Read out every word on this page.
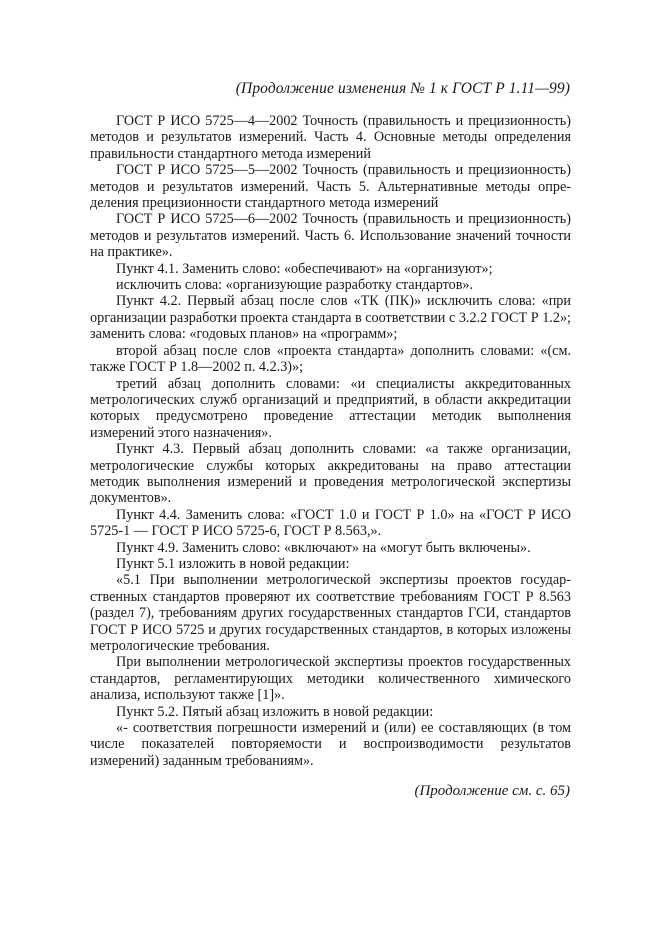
(Продолжение изменения № 1 к ГОСТ Р 1.11—99)

ГОСТ Р ИСО 5725—4—2002 Точность (правильность и прецизионность) методов и результатов измерений. Часть 4. Основные методы определения правильности стандартного метода измерений

ГОСТ Р ИСО 5725—5—2002 Точность (правильность и прецизионность) методов и результатов измерений. Часть 5. Альтернативные методы определения прецизионности стандартного метода измерений

ГОСТ Р ИСО 5725—6—2002 Точность (правильность и прецизионность) методов и результатов измерений. Часть 6. Использование значений точности на практике».

Пункт 4.1. Заменить слово: «обеспечивают» на «организуют»;

исключить слова: «организующие разработку стандартов».

Пункт 4.2. Первый абзац после слов «ТК (ПК)» исключить слова: «при организации разработки проекта стандарта в соответствии с 3.2.2 ГОСТ Р 1.2»; заменить слова: «годовых планов» на «программ»;

второй абзац после слов «проекта стандарта» дополнить словами: «(см. также ГОСТ Р 1.8—2002 п. 4.2.3)»;

третий абзац дополнить словами: «и специалисты аккредитованных метрологических служб организаций и предприятий, в области аккредитации которых предусмотрено проведение аттестации методик выполнения измерений этого назначения».

Пункт 4.3. Первый абзац дополнить словами: «а также организации, метрологические службы которых аккредитованы на право аттестации методик выполнения измерений и проведения метрологической экспертизы документов».

Пункт 4.4. Заменить слова: «ГОСТ 1.0 и ГОСТ Р 1.0» на «ГОСТ Р ИСО 5725-1 — ГОСТ Р ИСО 5725-6, ГОСТ Р 8.563,».

Пункт 4.9. Заменить слово: «включают» на «могут быть включены».

Пункт 5.1 изложить в новой редакции:

«5.1 При выполнении метрологической экспертизы проектов государственных стандартов проверяют их соответствие требованиям ГОСТ Р 8.563 (раздел 7), требованиям других государственных стандартов ГСИ, стандартов ГОСТ Р ИСО 5725 и других государственных стандартов, в которых изложены метрологические требования.

При выполнении метрологической экспертизы проектов государственных стандартов, регламентирующих методики количественного химического анализа, используют также [1]».

Пункт 5.2. Пятый абзац изложить в новой редакции:

«- соответствия погрешности измерений и (или) ее составляющих (в том числе показателей повторяемости и воспроизводимости результатов измерений) заданным требованиям».

(Продолжение см. с. 65)
